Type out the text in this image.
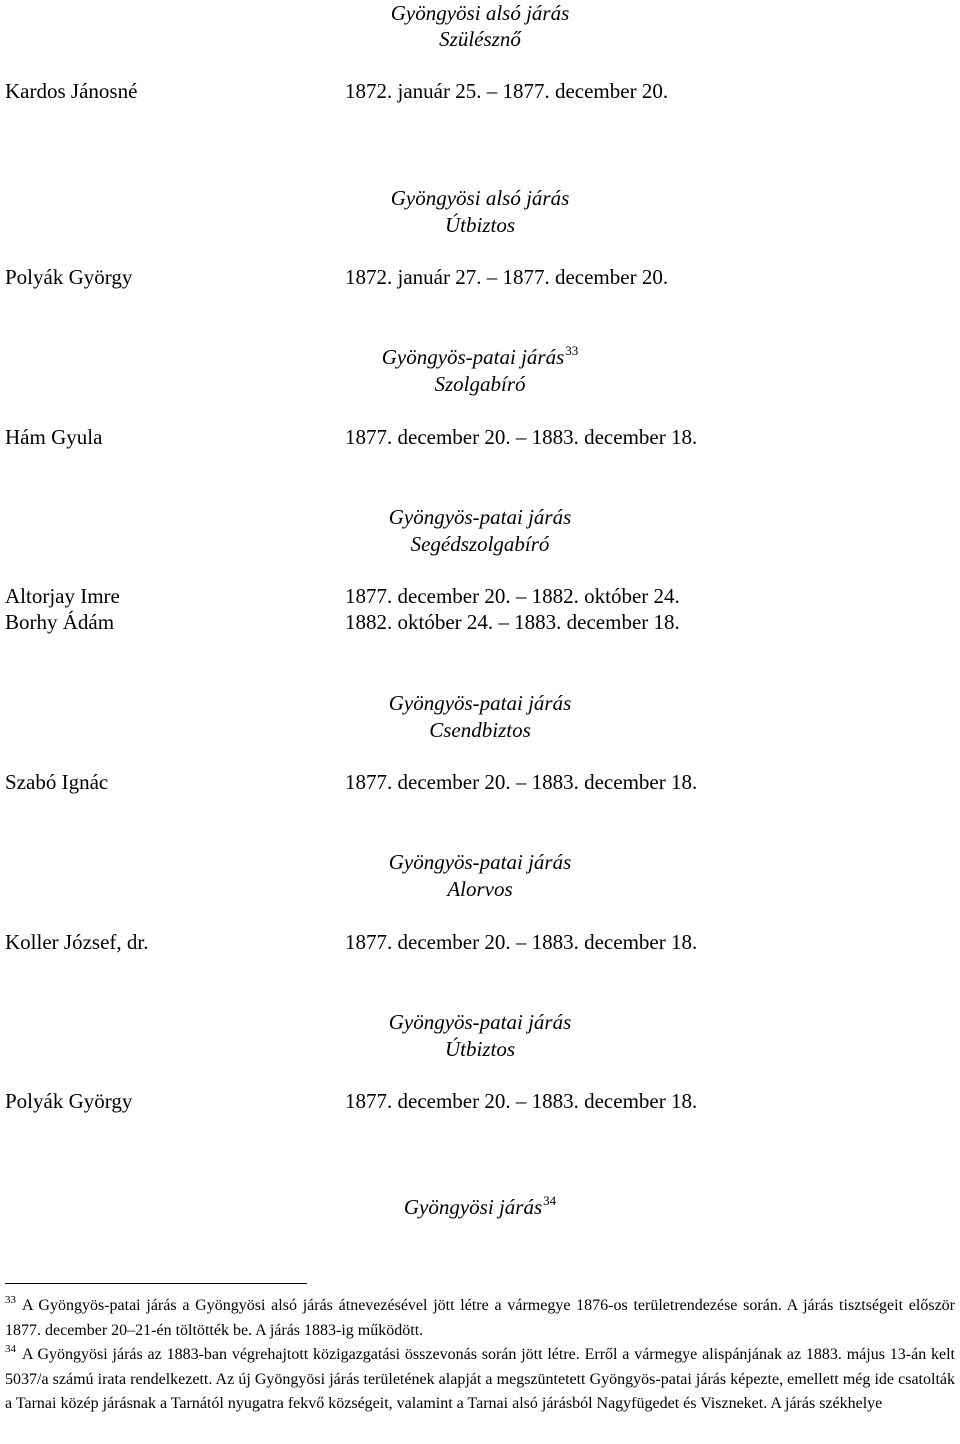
Gyöngyösi alsó járás
Szülésznő
Kardos Jánosné	1872. január 25. – 1877. december 20.
Gyöngyösi alsó járás
Útbiztos
Polyák György	1872. január 27. – 1877. december 20.
Gyöngyös-patai járás$^{33}$
Szolgabíró
Hám Gyula	1877. december 20. – 1883. december 18.
Gyöngyös-patai járás
Segédszolgabíró
Altorjay Imre	1877. december 20. – 1882. október 24.
Borhy Ádám	1882. október 24. – 1883. december 18.
Gyöngyös-patai járás
Csendbiztos
Szabó Ignác	1877. december 20. – 1883. december 18.
Gyöngyös-patai járás
Alorvos
Koller József, dr.	1877. december 20. – 1883. december 18.
Gyöngyös-patai járás
Útbiztos
Polyák György	1877. december 20. – 1883. december 18.
Gyöngyösi járás$^{34}$

$^{33}$ A Gyöngyös-patai járás a Gyöngyösi alsó járás átnevezésével jött létre a vármegye 1876-os területrendezése során. A járás tisztségeit először 1877. december 20–21-én töltötték be. A járás 1883-ig működött.

$^{34}$ A Gyöngyösi járás az 1883-ban végrehajtott közigazgatási összevonás során jött létre. Erről a vármegye alispánjának az 1883. május 13-án kelt 5037/a számú irata rendelkezett. Az új Gyöngyösi járás területének alapját a megszüntetett Gyöngyös-patai járás képezte, emellett még ide csatolták a Tarnai közép járásnak a Tarnától nyugatra fekvő községeit, valamint a Tarnai alsó járásból Nagyfügedet és Viszneket. A járás székhelye
